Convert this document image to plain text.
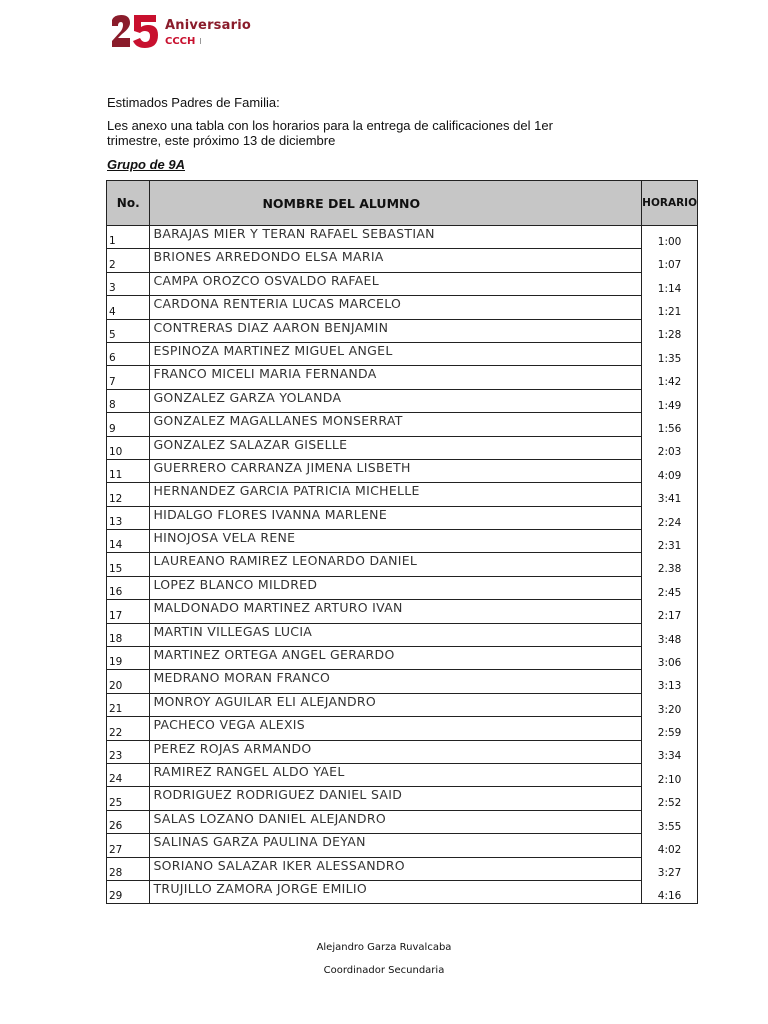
Aniversario
CCCH
Estimados Padres de Familia:
Les anexo una tabla con los horarios para la entrega de calificaciones del 1er
trimestre, este próximo 13 de diciembre
Grupo de 9A
No.	NOMBRE DEL ALUMNO	HORARIO
1	BARAJAS MIER Y TERAN RAFAEL SEBASTIAN	1:00
2	BRIONES ARREDONDO ELSA MARIA	1:07
3	CAMPA OROZCO OSVALDO RAFAEL	1:14
4	CARDONA RENTERIA LUCAS MARCELO	1:21
5	CONTRERAS DIAZ AARON BENJAMIN	1:28
6	ESPINOZA MARTINEZ MIGUEL ANGEL	1:35
7	FRANCO MICELI MARIA FERNANDA	1:42
8	GONZALEZ GARZA YOLANDA	1:49
9	GONZALEZ MAGALLANES MONSERRAT	1:56
10	GONZALEZ SALAZAR GISELLE	2:03
11	GUERRERO CARRANZA JIMENA LISBETH	4:09
12	HERNANDEZ GARCIA PATRICIA MICHELLE	3:41
13	HIDALGO FLORES IVANNA MARLENE	2:24
14	HINOJOSA VELA RENE	2:31
15	LAUREANO RAMIREZ LEONARDO DANIEL	2.38
16	LOPEZ BLANCO MILDRED	2:45
17	MALDONADO MARTINEZ ARTURO IVAN	2:17
18	MARTIN VILLEGAS LUCIA	3:48
19	MARTINEZ ORTEGA ANGEL GERARDO	3:06
20	MEDRANO MORAN FRANCO	3:13
21	MONROY AGUILAR ELI ALEJANDRO	3:20
22	PACHECO VEGA ALEXIS	2:59
23	PEREZ ROJAS ARMANDO	3:34
24	RAMIREZ RANGEL ALDO YAEL	2:10
25	RODRIGUEZ RODRIGUEZ DANIEL SAID	2:52
26	SALAS LOZANO DANIEL ALEJANDRO	3:55
27	SALINAS GARZA PAULINA DEYAN	4:02
28	SORIANO SALAZAR IKER ALESSANDRO	3:27
29	TRUJILLO ZAMORA JORGE EMILIO	4:16
Alejandro Garza Ruvalcaba
Coordinador Secundaria
